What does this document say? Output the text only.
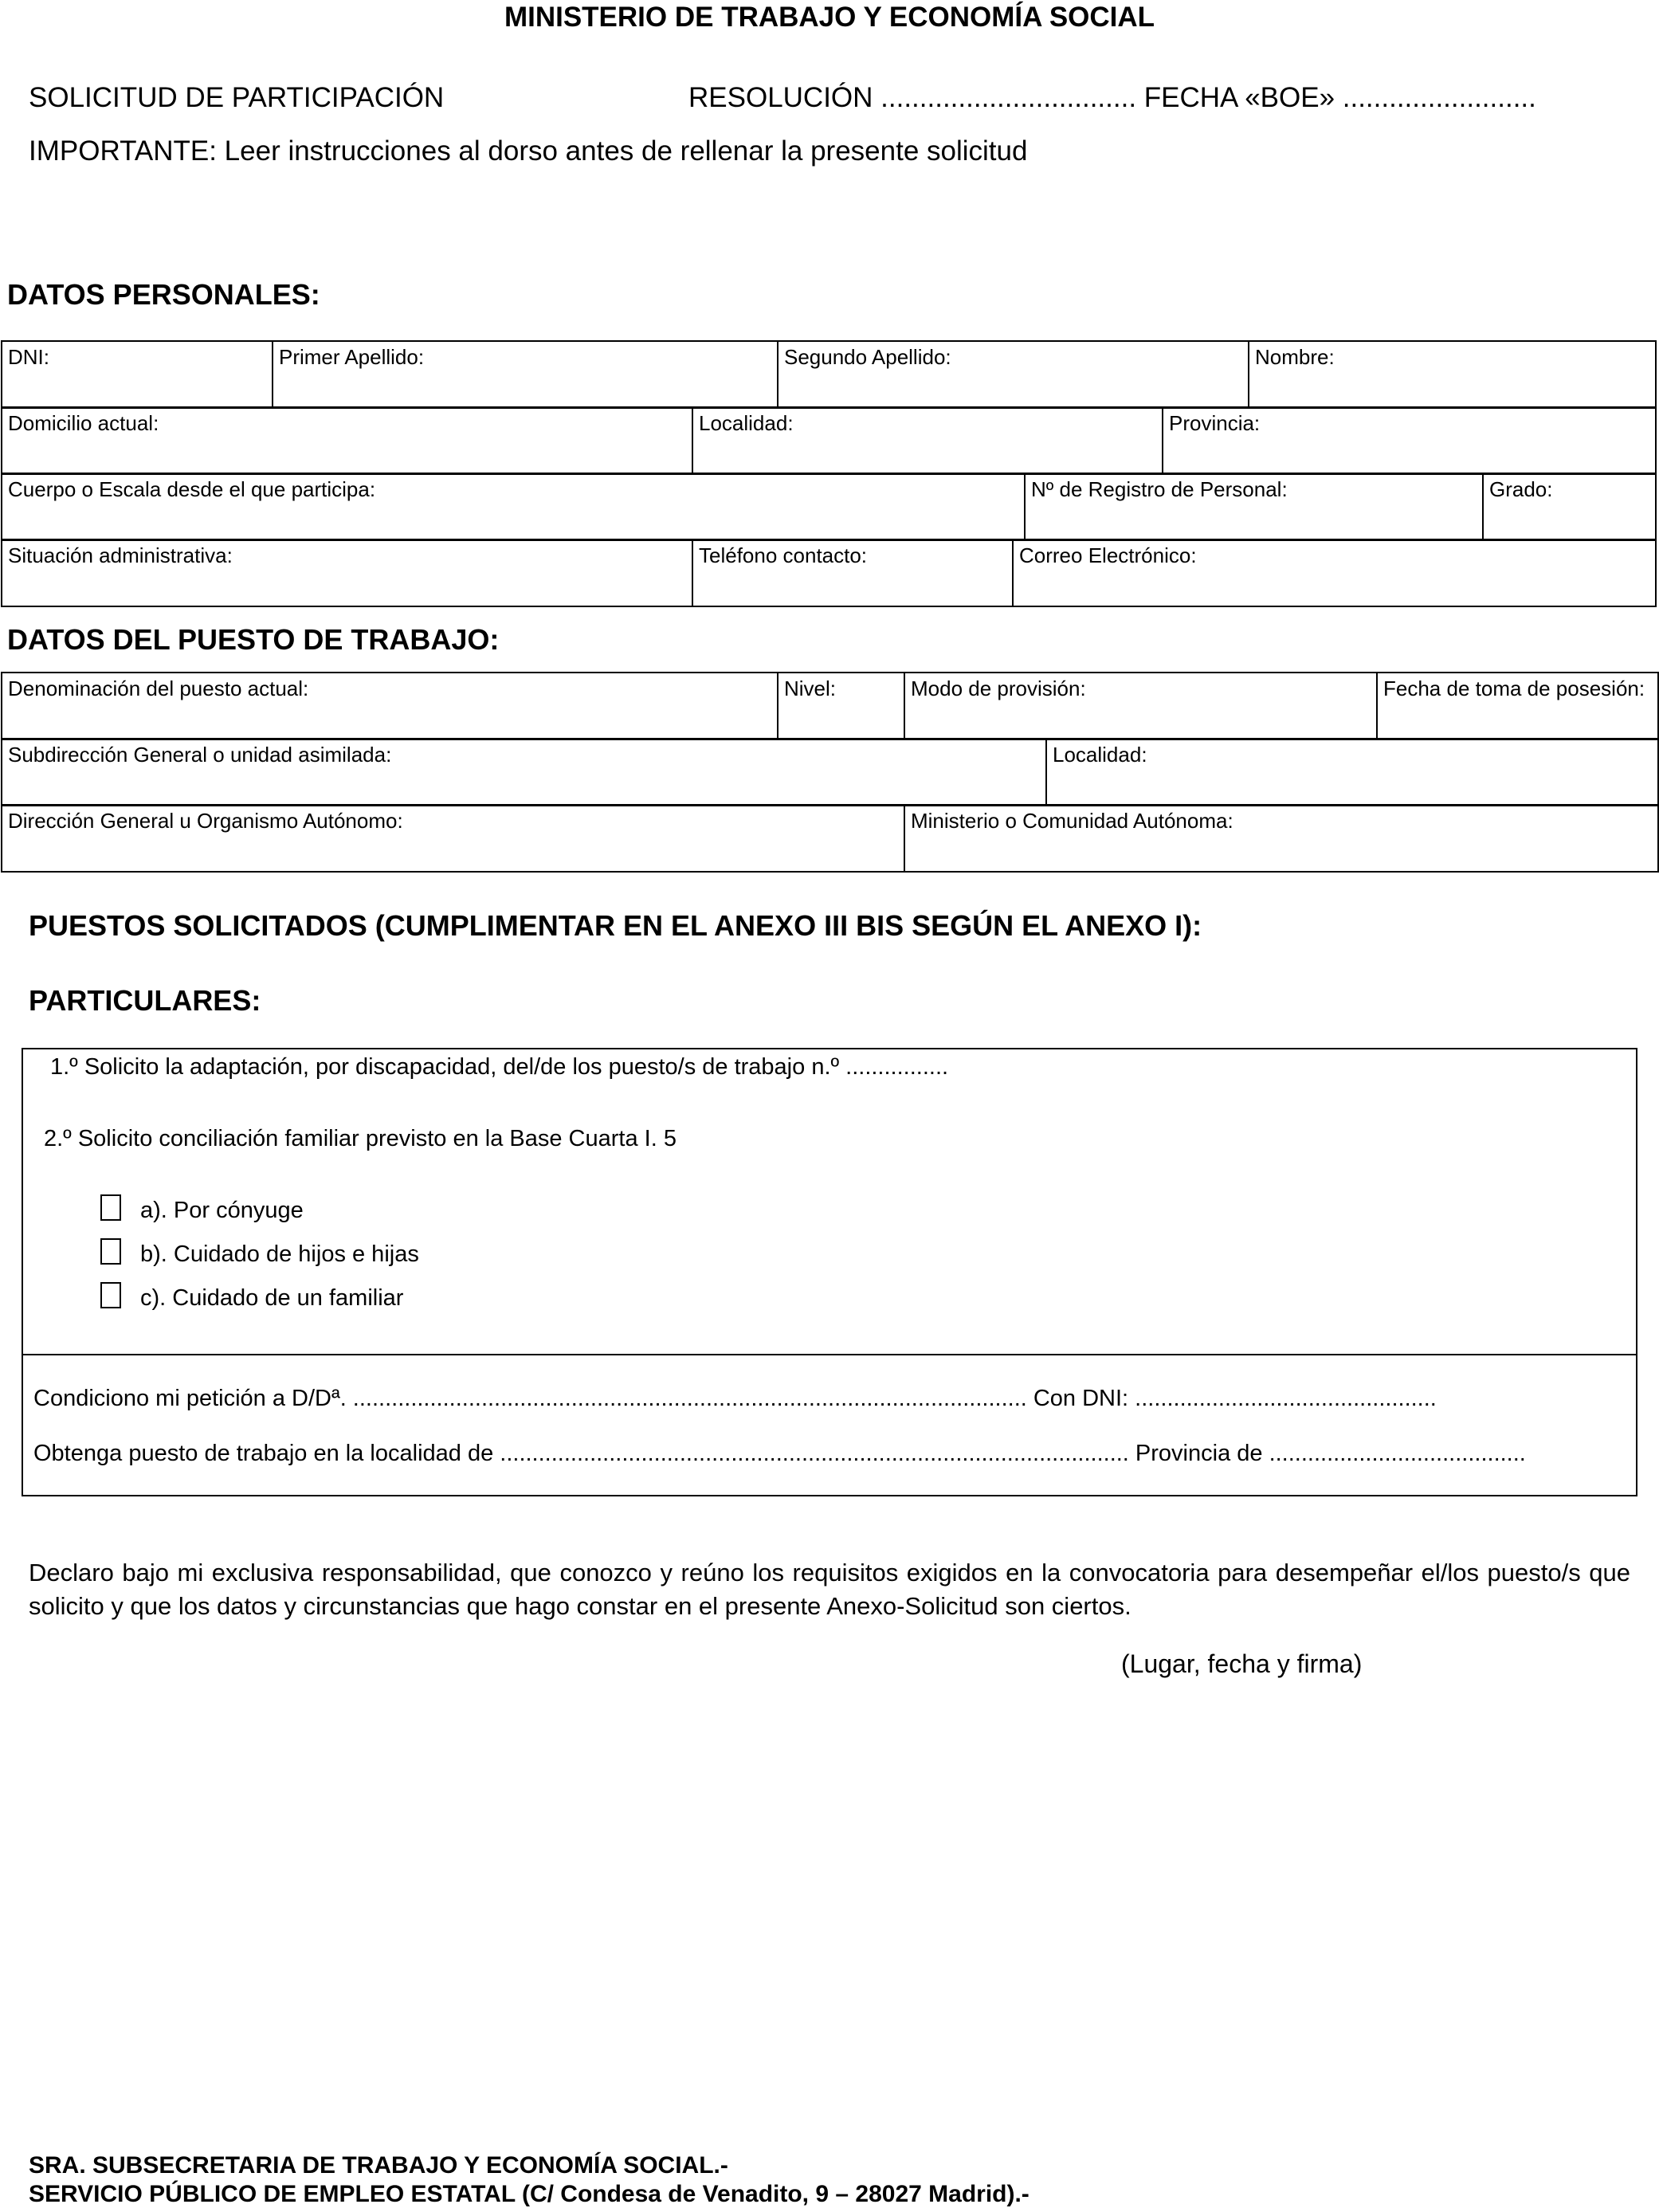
MINISTERIO DE TRABAJO Y ECONOMÍA SOCIAL
SOLICITUD DE PARTICIPACIÓN	RESOLUCIÓN ................................. FECHA «BOE» .........................
IMPORTANTE: Leer instrucciones al dorso antes de rellenar la presente solicitud
DATOS PERSONALES:
DNI:	Primer Apellido:	Segundo Apellido:	Nombre:
Domicilio actual:	Localidad:	Provincia:
Cuerpo o Escala desde el que participa:	Nº de Registro de Personal:	Grado:
Situación administrativa:	Teléfono contacto:	Correo Electrónico:
DATOS DEL PUESTO DE TRABAJO:
Denominación del puesto actual:	Nivel:	Modo de provisión:	Fecha de toma de posesión:
Subdirección General o unidad asimilada:	Localidad:
Dirección General u Organismo Autónomo:	Ministerio o Comunidad Autónoma:
PUESTOS SOLICITADOS (CUMPLIMENTAR EN EL ANEXO III BIS SEGÚN EL ANEXO I):
PARTICULARES:
1.º Solicito la adaptación, por discapacidad, del/de los puesto/s de trabajo n.º ................
2.º Solicito conciliación familiar previsto en la Base Cuarta I. 5
a). Por cónyuge
b). Cuidado de hijos e hijas
c). Cuidado de un familiar
Condiciono mi petición a D/Dª. ......................................................................................................... Con DNI: ...............................................
Obtenga puesto de trabajo en la localidad de .................................................................................................. Provincia de ........................................
Declaro bajo mi exclusiva responsabilidad, que conozco y reúno los requisitos exigidos en la convocatoria para desempeñar el/los puesto/s que solicito y que los datos y circunstancias que hago constar en el presente Anexo-Solicitud son ciertos.
(Lugar, fecha y firma)
SRA. SUBSECRETARIA DE TRABAJO Y ECONOMÍA SOCIAL.-
SERVICIO PÚBLICO DE EMPLEO ESTATAL (C/ Condesa de Venadito, 9 – 28027 Madrid).-
